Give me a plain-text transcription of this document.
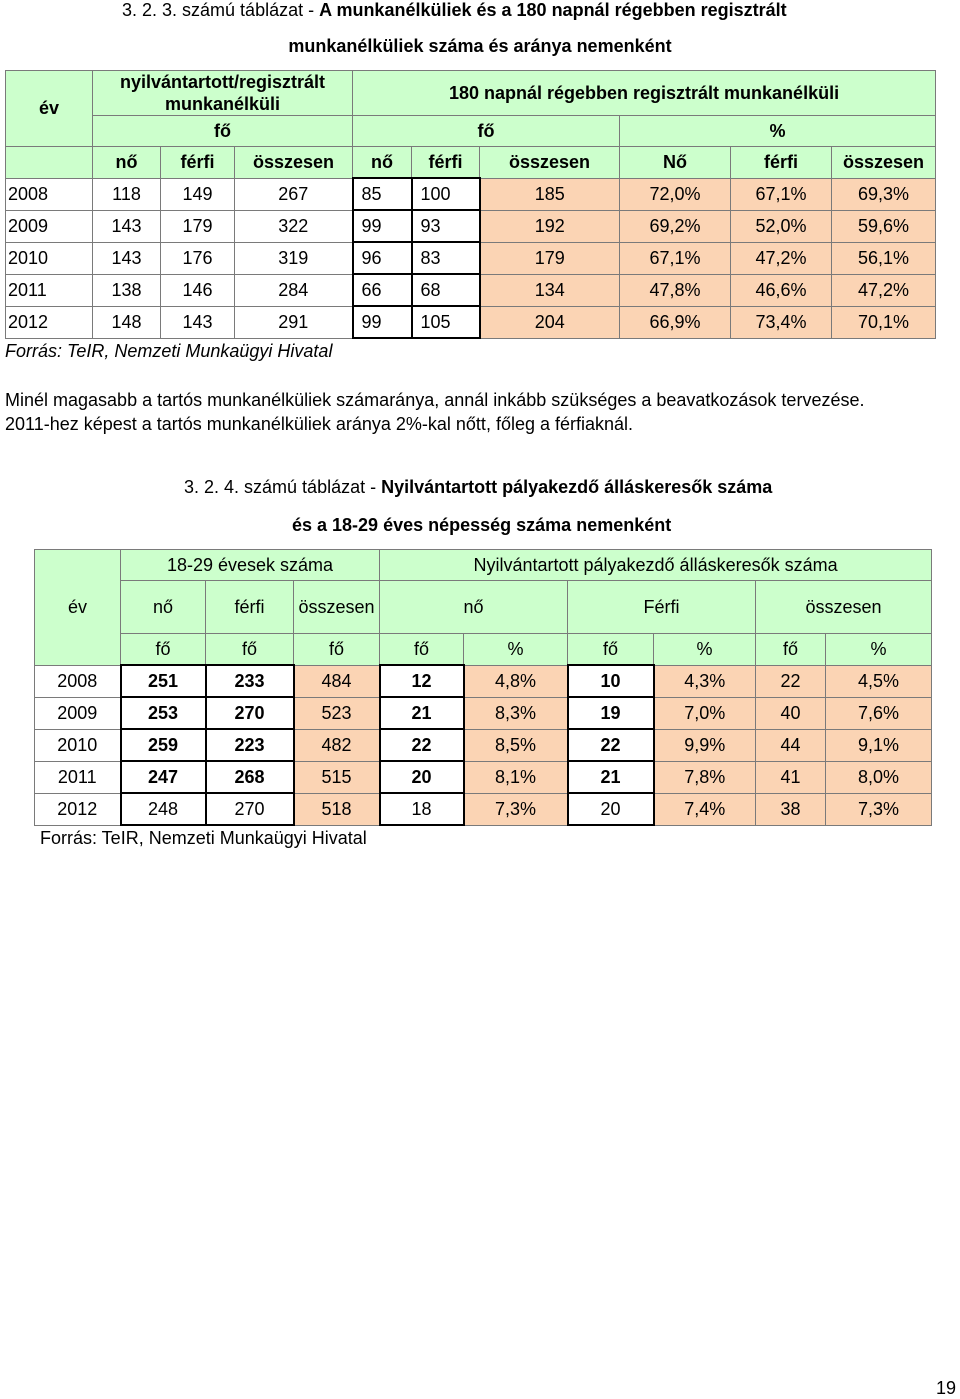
3. 2. 3. számú táblázat - A munkanélküliek és a 180 napnál régebben regisztrált
munkanélküliek száma és aránya nemenként
év	nyilvántartott/regisztrált munkanélküli			180 napnál régebben regisztrált munkanélküli					

	fő			fő			%		
	nő	férfi	összesen	nő	férfi	összesen	Nő	férfi	összesen
2008	118	149	267	85	100	185	72,0%	67,1%	69,3%
2009	143	179	322	99	93	192	69,2%	52,0%	59,6%
2010	143	176	319	96	83	179	67,1%	47,2%	56,1%
2011	138	146	284	66	68	134	47,8%	46,6%	47,2%
2012	148	143	291	99	105	204	66,9%	73,4%	70,1%
Forrás: TeIR, Nemzeti Munkaügyi Hivatal
Minél magasabb a tartós munkanélküliek számaránya, annál inkább szükséges a beavatkozások tervezése.
2011-hez képest a tartós munkanélküliek aránya 2%-kal nőtt, főleg a férfiaknál.
3. 2. 4. számú táblázat - Nyilvántartott pályakezdő álláskeresők száma
és a 18-29 éves népesség száma nemenként
év	18-29 évesek száma			Nyilvántartott pályakezdő álláskeresők száma					
	nő	férfi	összesen	nő		Férfi		összesen	
	fő	fő	fő	fő	%	fő	%	fő	%
2008	251	233	484	12	4,8%	10	4,3%	22	4,5%
2009	253	270	523	21	8,3%	19	7,0%	40	7,6%
2010	259	223	482	22	8,5%	22	9,9%	44	9,1%
2011	247	268	515	20	8,1%	21	7,8%	41	8,0%
2012	248	270	518	18	7,3%	20	7,4%	38	7,3%
Forrás: TeIR, Nemzeti Munkaügyi Hivatal
19
